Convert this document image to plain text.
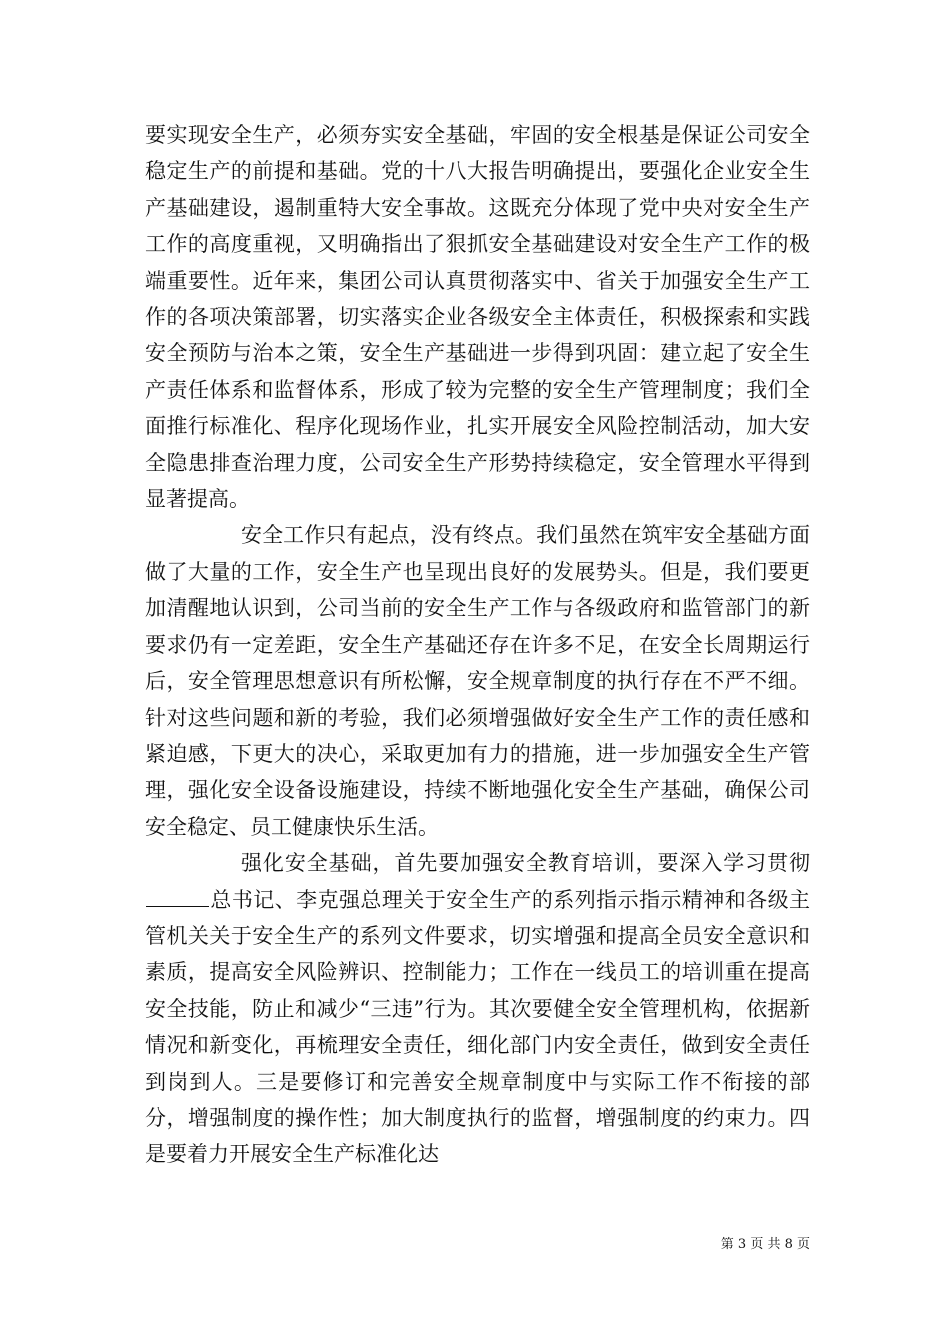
要实现安全生产，必须夯实安全基础，牢固的安全根基是保证公司安全稳定生产的前提和基础。党的十八大报告明确提出，要强化企业安全生产基础建设，遏制重特大安全事故。这既充分体现了党中央对安全生产工作的高度重视，又明确指出了狠抓安全基础建设对安全生产工作的极端重要性。近年来，集团公司认真贯彻落实中、省关于加强安全生产工作的各项决策部署，切实落实企业各级安全主体责任，积极探索和实践安全预防与治本之策，安全生产基础进一步得到巩固：建立起了安全生产责任体系和监督体系，形成了较为完整的安全生产管理制度；我们全面推行标准化、程序化现场作业，扎实开展安全风险控制活动，加大安全隐患排查治理力度，公司安全生产形势持续稳定，安全管理水平得到显著提高。

安全工作只有起点，没有终点。我们虽然在筑牢安全基础方面做了大量的工作，安全生产也呈现出良好的发展势头。但是，我们要更加清醒地认识到，公司当前的安全生产工作与各级政府和监管部门的新要求仍有一定差距，安全生产基础还存在许多不足，在安全长周期运行后，安全管理思想意识有所松懈，安全规章制度的执行存在不严不细。针对这些问题和新的考验，我们必须增强做好安全生产工作的责任感和紧迫感，下更大的决心，采取更加有力的措施，进一步加强安全生产管理，强化安全设备设施建设，持续不断地强化安全生产基础，确保公司安全稳定、员工健康快乐生活。

强化安全基础，首先要加强安全教育培训，要深入学习贯彻总书记、李克强总理关于安全生产的系列指示指示精神和各级主管机关关于安全生产的系列文件要求，切实增强和提高全员安全意识和素质，提高安全风险辨识、控制能力；工作在一线员工的培训重在提高安全技能，防止和减少“三违”行为。其次要健全安全管理机构，依据新情况和新变化，再梳理安全责任，细化部门内安全责任，做到安全责任到岗到人。三是要修订和完善安全规章制度中与实际工作不衔接的部分，增强制度的操作性；加大制度执行的监督，增强制度的约束力。四是要着力开展安全生产标准化达

第 3 页 共 8 页
